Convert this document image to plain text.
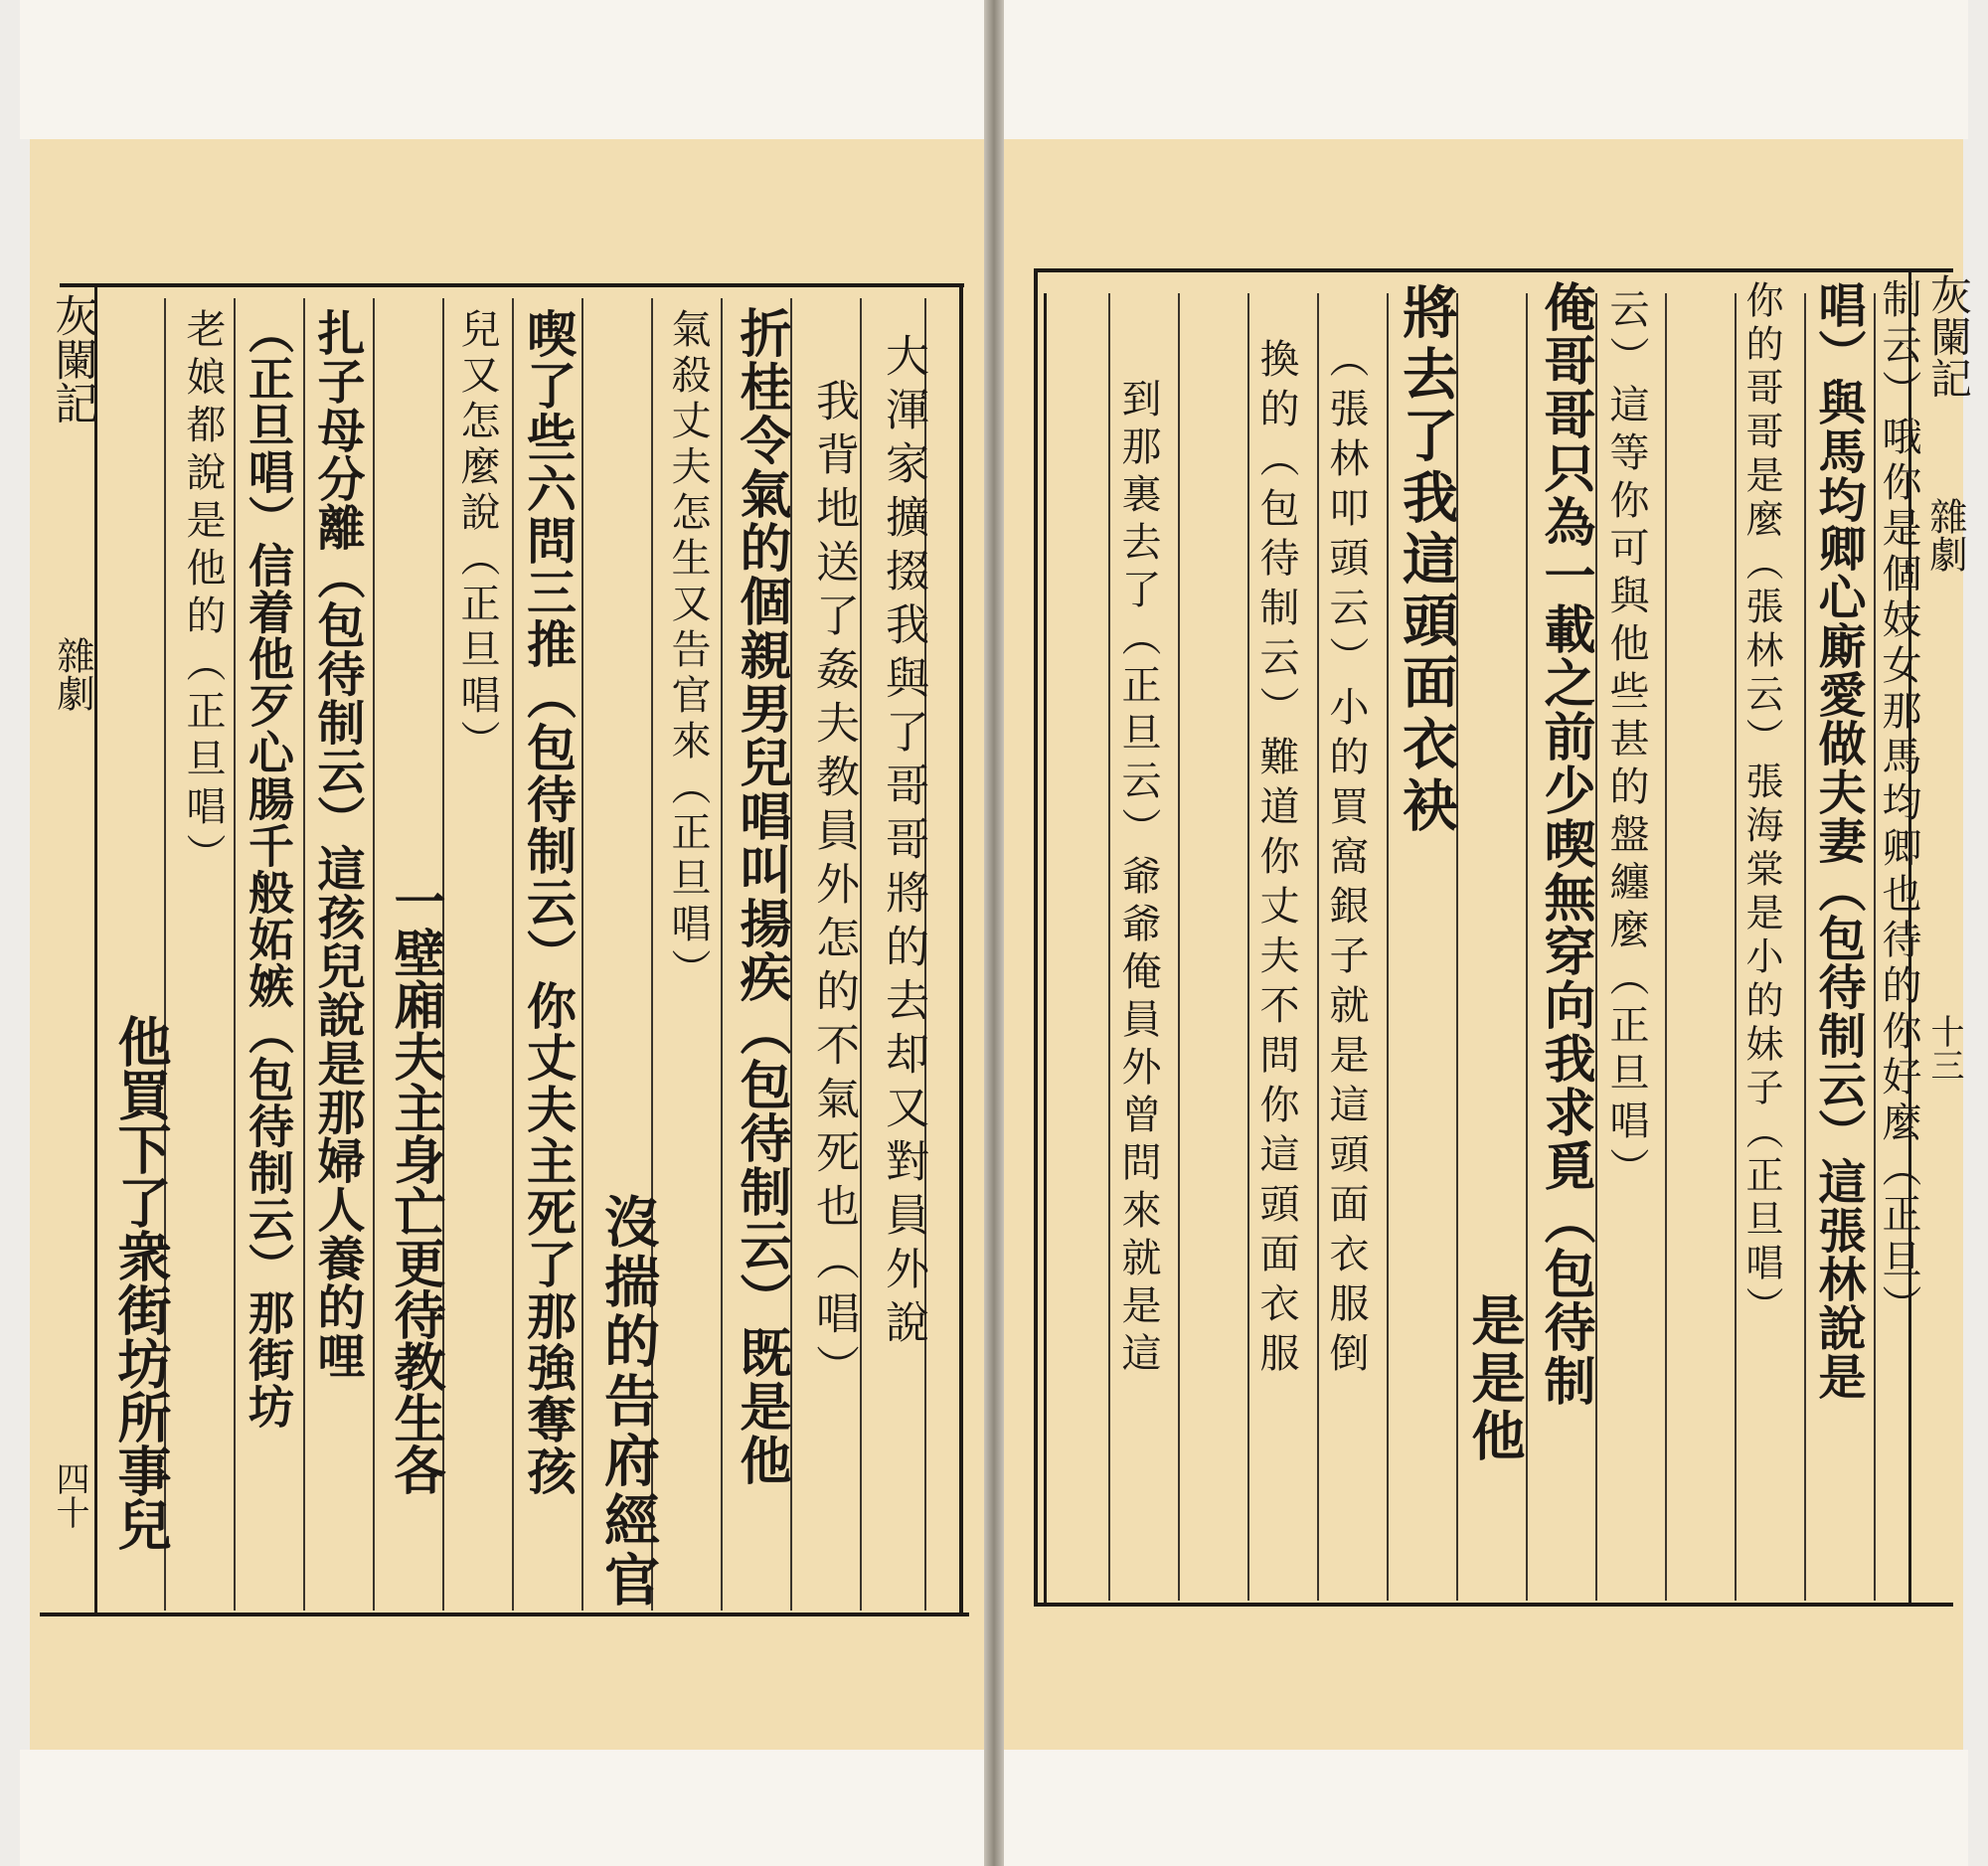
大渾家擴掇我與了哥哥將的去却又對員外說
我背地送了姦夫教員外怎的不氣死也（唱）
折桂令氣的個親男兒唱叫揚疾（包待制云）既是他
氣殺丈夫怎生又告官來（正旦唱）
沒揣的告府經官
喫了些六問三推（包待制云）你丈夫主死了那強奪孩
兒又怎麼說（正旦唱）
一壁廂夫主身亡更待教生各
扎子母分離（包待制云）這孩兒說是那婦人養的哩
（正旦唱）信着他歹心腸千般妬嫉（包待制云）那街坊
老娘都說是他的（正旦唱）
他買下了衆街坊所事兒
灰闌記
雜劇
四十
制云）哦你是個妓女那馬均卿也待的你好麼（正旦）
唱）與馬均卿心廝愛做夫妻（包待制云）這張林說是
你的哥哥是麼（張林云）張海棠是小的妹子（正旦唱）
云）這等你可與他些甚的盤纏麼（正旦唱）
俺哥哥只為一載之前少喫無穿向我求覓（包待制
是是他
將去了我這頭面衣袂
（張林叩頭云）小的買窩銀子就是這頭面衣服倒
換的（包待制云）難道你丈夫不問你這頭面衣服
到那裏去了（正旦云）爺爺俺員外曾問來就是這
灰闌記
雜劇
十三
